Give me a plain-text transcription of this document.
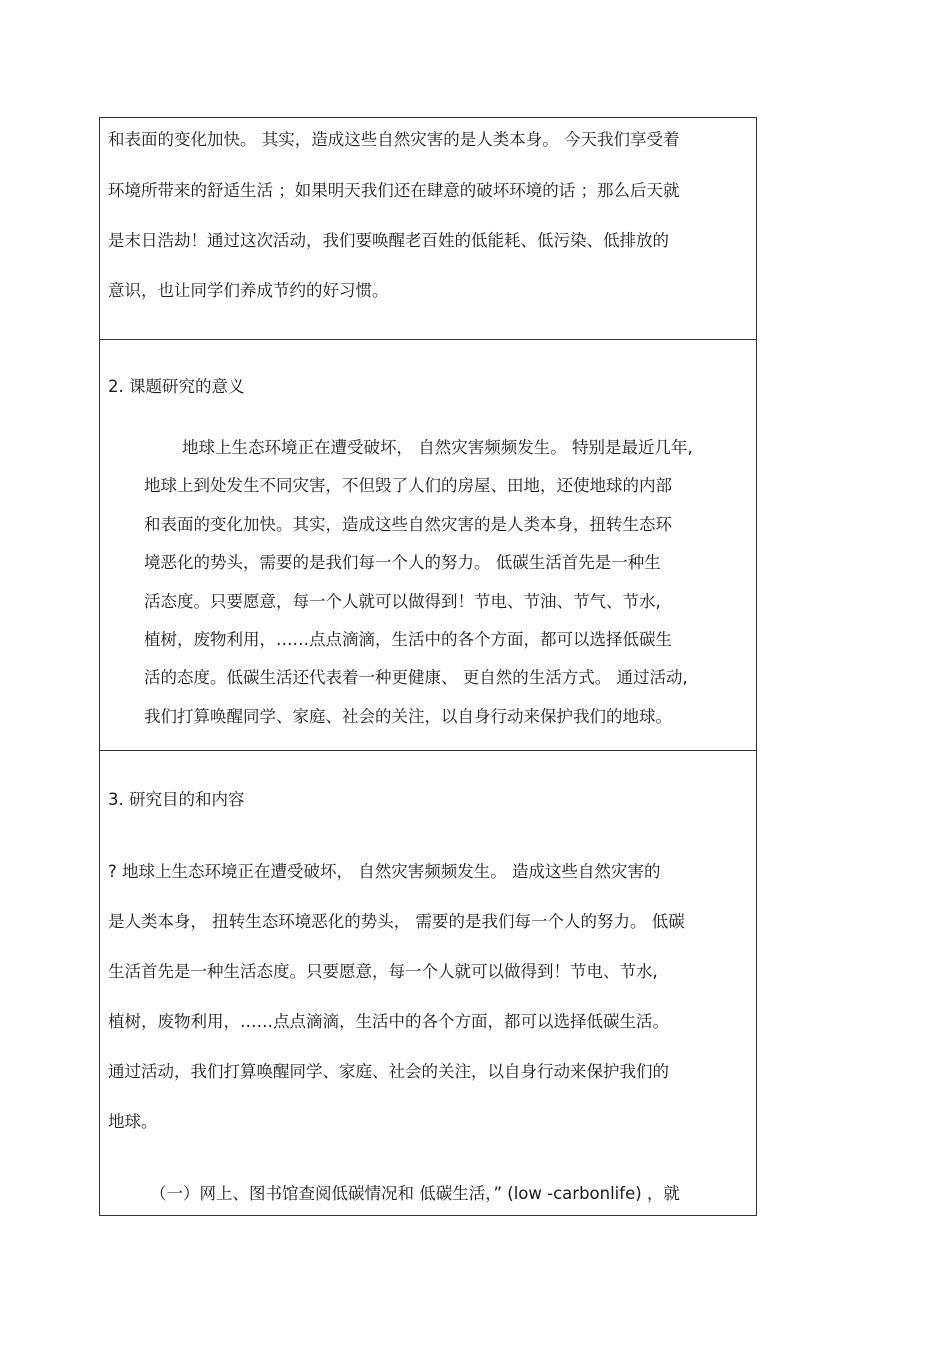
和表面的变化加快。 其实，造成这些自然灾害的是人类本身。 今天我们享受着
环境所带来的舒适生活 ；如果明天我们还在肆意的破坏环境的话 ；那么后天就
是末日浩劫！通过这次活动，我们要唤醒老百姓的低能耗、低污染、低排放的
意识，也让同学们养成节约的好习惯。
2. 课题研究的意义
地球上生态环境正在遭受破坏， 自然灾害频频发生。 特别是最近几年,
地球上到处发生不同灾害，不但毁了人们的房屋、田地，还使地球的内部
和表面的变化加快。其实，造成这些自然灾害的是人类本身，扭转生态环
境恶化的势头，需要的是我们每一个人的努力。 低碳生活首先是一种生
活态度。只要愿意，每一个人就可以做得到！节电、节油、节气、节水,
植树，废物利用，……点点滴滴，生活中的各个方面，都可以选择低碳生
活的态度。低碳生活还代表着一种更健康、 更自然的生活方式。 通过活动,
我们打算唤醒同学、家庭、社会的关注，以自身行动来保护我们的地球。
3. 研究目的和内容
? 地球上生态环境正在遭受破坏， 自然灾害频频发生。 造成这些自然灾害的
是人类本身， 扭转生态环境恶化的势头， 需要的是我们每一个人的努力。 低碳
生活首先是一种生活态度。只要愿意，每一个人就可以做得到！节电、节水,
植树，废物利用，……点点滴滴，生活中的各个方面，都可以选择低碳生活。
通过活动，我们打算唤醒同学、家庭、社会的关注，以自身行动来保护我们的
地球。
（一）网上、图书馆查阅低碳情况和 低碳生活，” (low -carbonlife) ，就
